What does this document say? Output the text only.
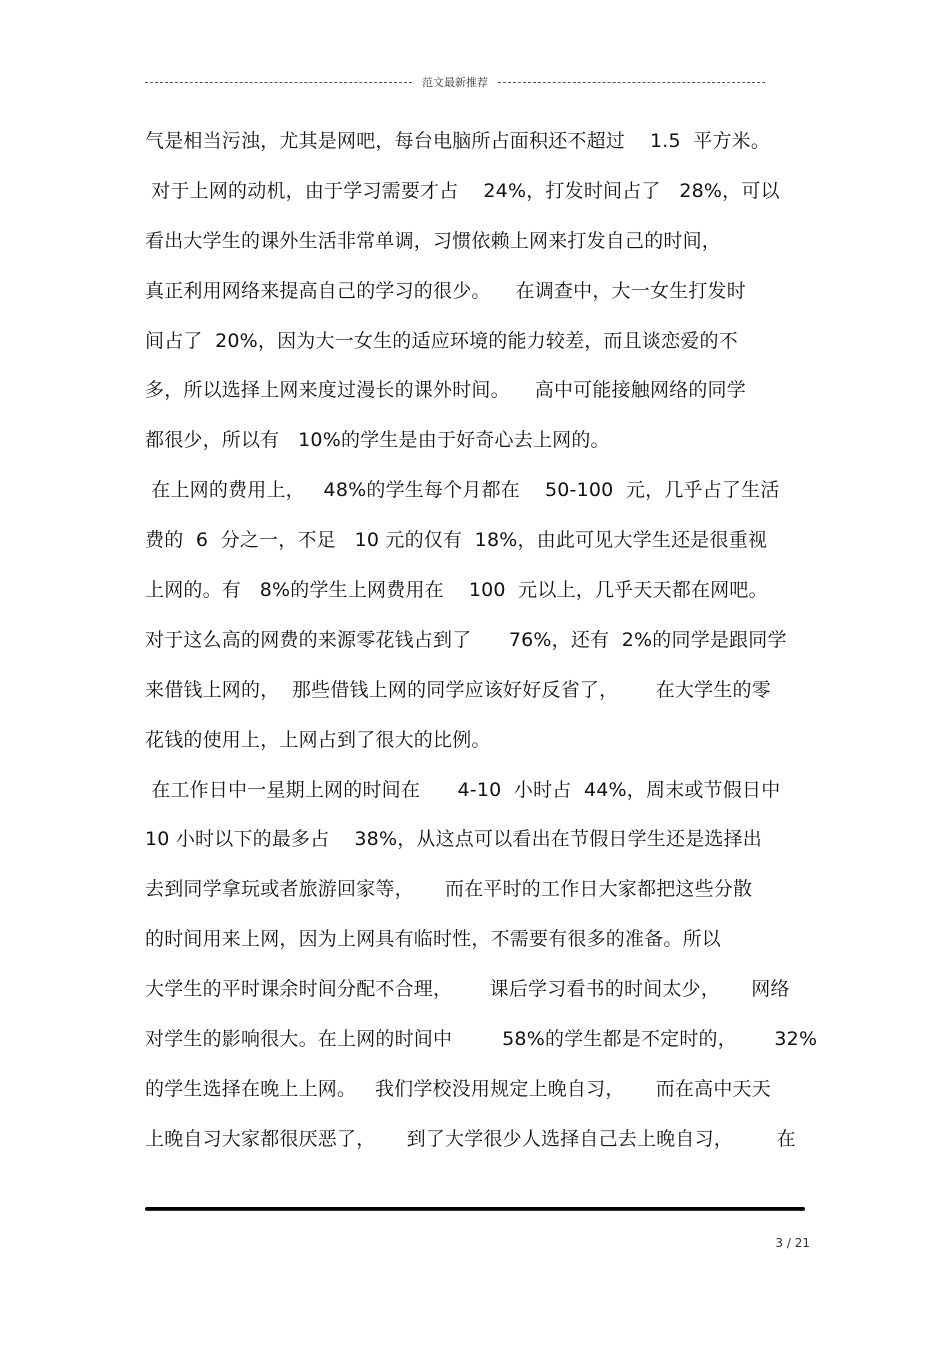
范文最新推荐
气是相当污浊，尤其是网吧，每台电脑所占面积还不超过    1.5  平方米。
对于上网的动机，由于学习需要才占    24%，打发时间占了   28%，可以
看出大学生的课外生活非常单调，习惯依赖上网来打发自己的时间，
真正利用网络来提高自己的学习的很少。    在调查中，大一女生打发时
间占了  20%，因为大一女生的适应环境的能力较差，而且谈恋爱的不
多，所以选择上网来度过漫长的课外时间。    高中可能接触网络的同学
都很少，所以有   10%的学生是由于好奇心去上网的。
在上网的费用上，   48%的学生每个月都在    50-100  元，几乎占了生活
费的  6  分之一，不足   10 元的仅有  18%，由此可见大学生还是很重视
上网的。有   8%的学生上网费用在    100  元以上，几乎天天都在网吧。
对于这么高的网费的来源零花钱占到了      76%，还有  2%的同学是跟同学
来借钱上网的，  那些借钱上网的同学应该好好反省了，      在大学生的零
花钱的使用上，上网占到了很大的比例。
在工作日中一星期上网的时间在      4-10  小时占  44%，周末或节假日中
10 小时以下的最多占    38%，从这点可以看出在节假日学生还是选择出
去到同学拿玩或者旅游回家等，     而在平时的工作日大家都把这些分散
的时间用来上网，因为上网具有临时性，不需要有很多的准备。所以
大学生的平时课余时间分配不合理，      课后学习看书的时间太少，     网络
对学生的影响很大。在上网的时间中        58%的学生都是不定时的，      32%
的学生选择在晚上上网。   我们学校没用规定上晚自习，     而在高中天天
上晚自习大家都很厌恶了，     到了大学很少人选择自己去上晚自习，       在
3 / 21
